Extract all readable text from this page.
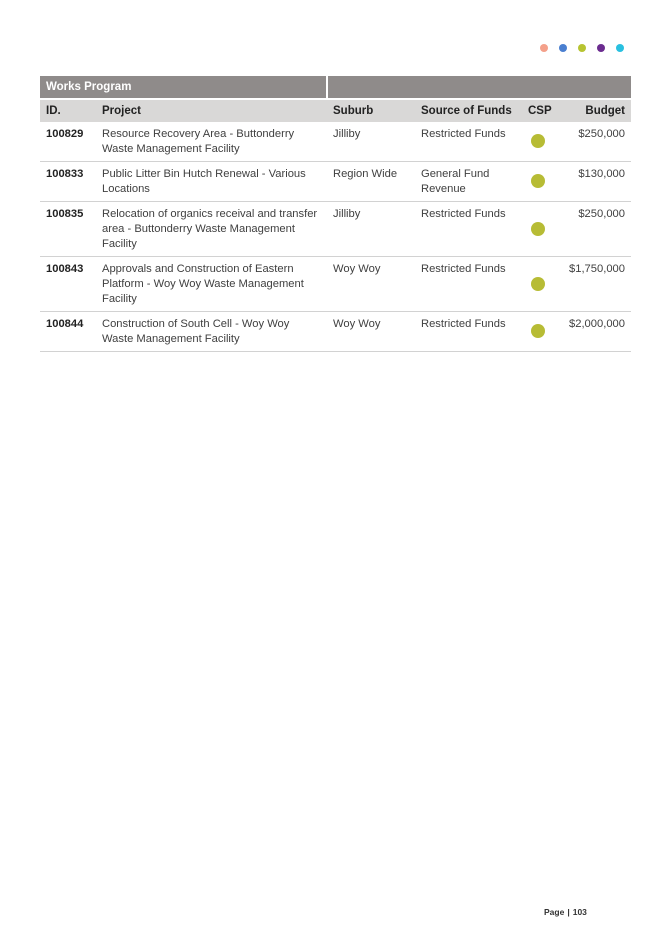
Works Program					
ID.	Project	Suburb	Source of Funds	CSP	Budget
100829	Resource Recovery Area - Buttonderry Waste Management Facility	Jilliby	Restricted Funds		$250,000
100833	Public Litter Bin Hutch Renewal - Various Locations	Region Wide	General Fund Revenue		$130,000
100835	Relocation of organics receival and transfer area - Buttonderry Waste Management Facility	Jilliby	Restricted Funds		$250,000
100843	Approvals and Construction of Eastern Platform - Woy Woy Waste Management Facility	Woy Woy	Restricted Funds		$1,750,000
100844	Construction of South Cell - Woy Woy Waste Management Facility	Woy Woy	Restricted Funds		$2,000,000
Page | 103
